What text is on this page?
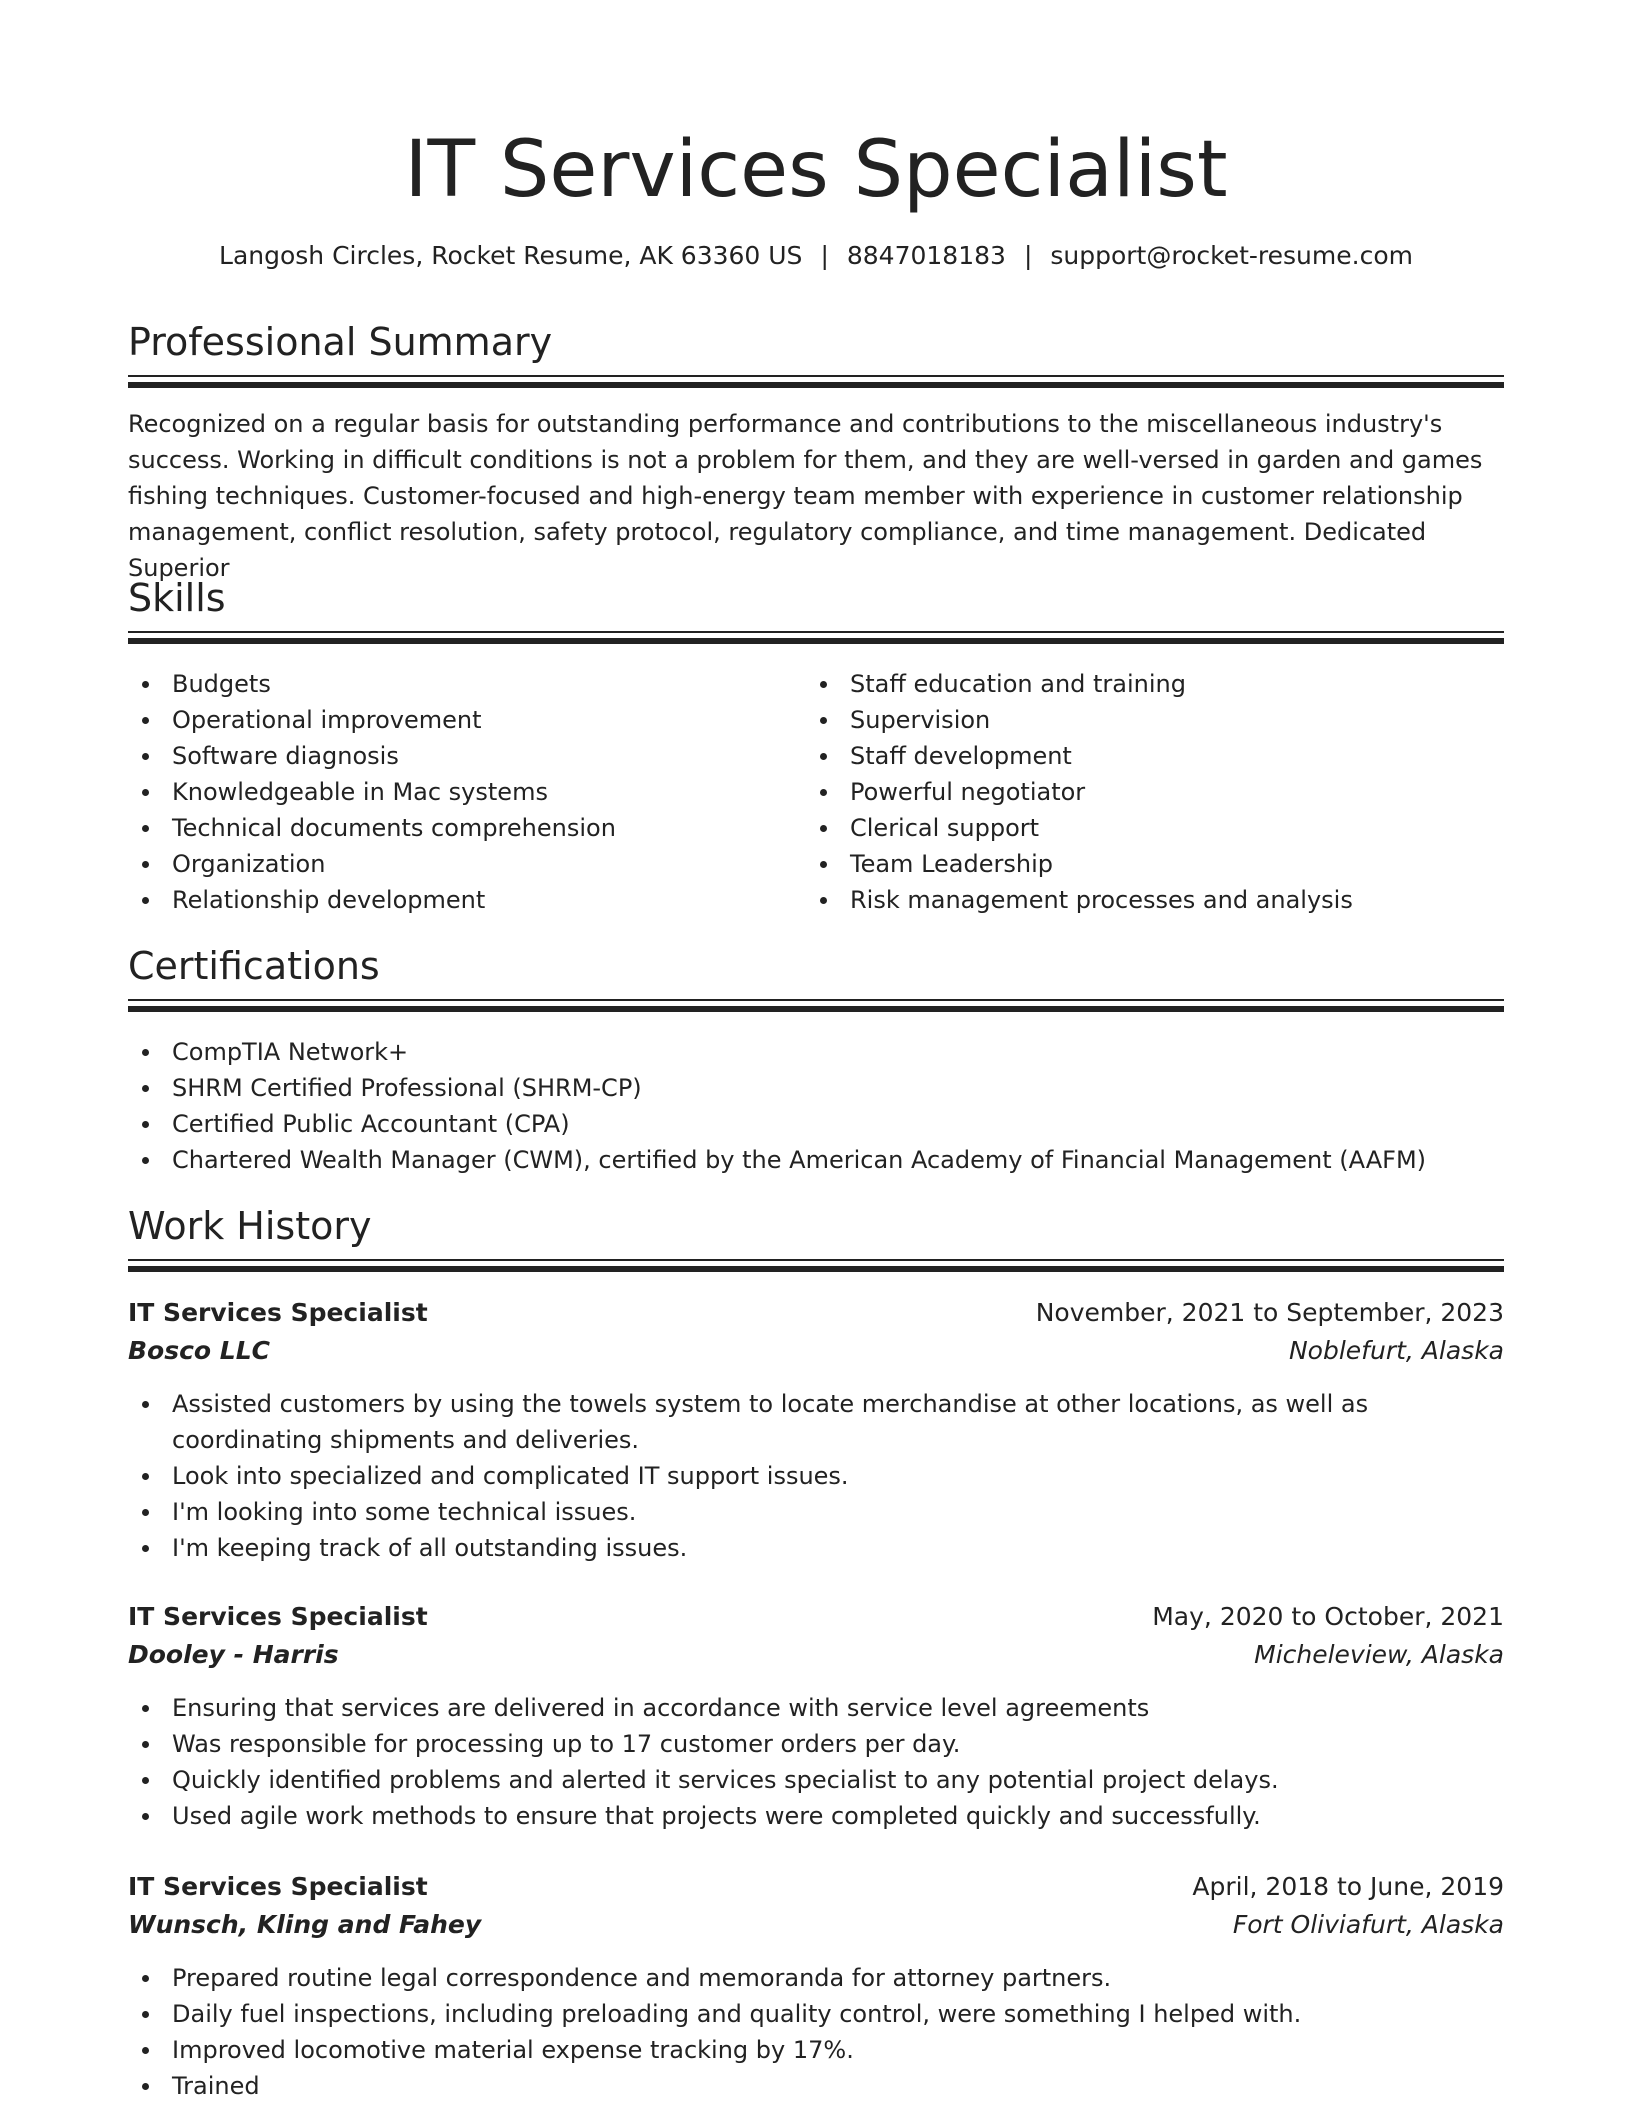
IT Services Specialist
Langosh Circles, Rocket Resume, AK 63360 US | 8847018183 | support@rocket-resume.com
Professional Summary

Recognized on a regular basis for outstanding performance and contributions to the miscellaneous industry's success. Working in difficult conditions is not a problem for them, and they are well-versed in garden and games fishing techniques. Customer-focused and high-energy team member with experience in customer relationship management, conflict resolution, safety protocol, regulatory compliance, and time management. Dedicated Superior

Skills
Budgets
Operational improvement
Software diagnosis
Knowledgeable in Mac systems
Technical documents comprehension
Organization
Relationship development
Staff education and training
Supervision
Staff development
Powerful negotiator
Clerical support
Team Leadership
Risk management processes and analysis
Certifications
CompTIA Network+
SHRM Certified Professional (SHRM-CP)
Certified Public Accountant (CPA)
Chartered Wealth Manager (CWM), certified by the American Academy of Financial Management (AAFM)
Work History
IT Services Specialist	November, 2021 to September, 2023
Bosco LLC	Noblefurt, Alaska
Assisted customers by using the towels system to locate merchandise at other locations, as well as coordinating shipments and deliveries.
Look into specialized and complicated IT support issues.
I'm looking into some technical issues.
I'm keeping track of all outstanding issues.
IT Services Specialist	May, 2020 to October, 2021
Dooley - Harris	Micheleview, Alaska
Ensuring that services are delivered in accordance with service level agreements
Was responsible for processing up to 17 customer orders per day.
Quickly identified problems and alerted it services specialist to any potential project delays.
Used agile work methods to ensure that projects were completed quickly and successfully.
IT Services Specialist	April, 2018 to June, 2019
Wunsch, Kling and Fahey	Fort Oliviafurt, Alaska
Prepared routine legal correspondence and memoranda for attorney partners.
Daily fuel inspections, including preloading and quality control, were something I helped with.
Improved locomotive material expense tracking by 17%.
Trained
